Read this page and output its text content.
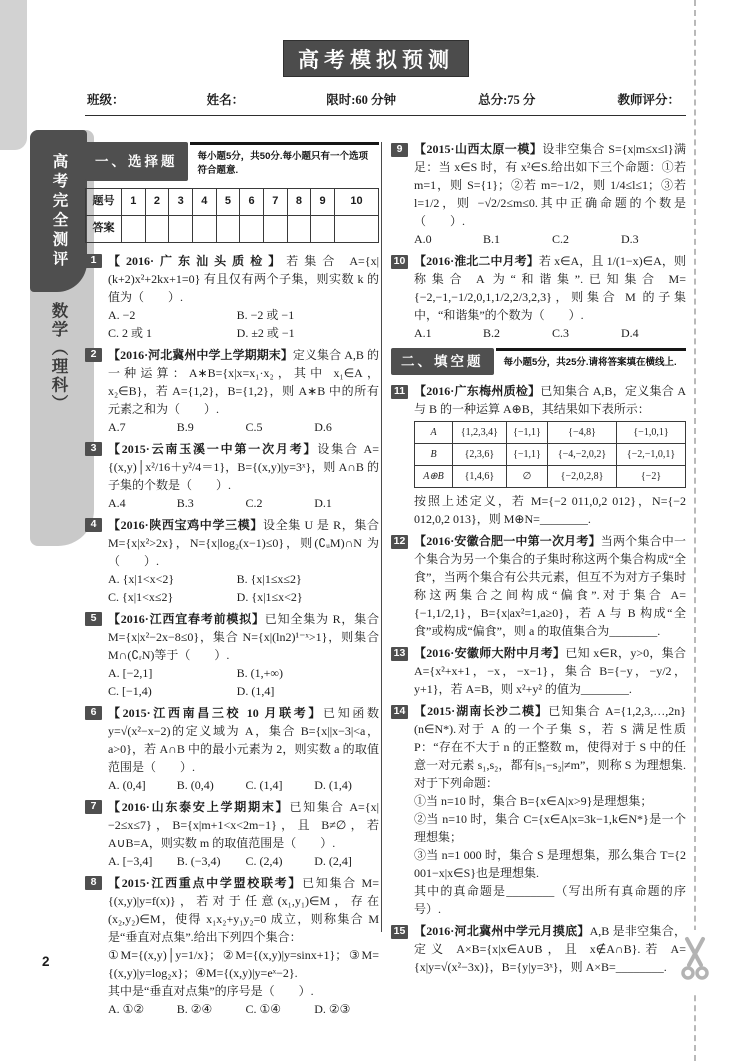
高考模拟预测
班级：	姓名：	限时:60 分钟	总分:75 分	教师评分：
高考完全测评
数学（理科）
一、选择题	每小题5分，共50分.每小题只有一个选项符合题意.
题号	1	2	3	4	5	6	7	8	9	10
答案										
1 【2016·广东汕头质检】若集合 A={x|(k+2)x²+2kx+1=0} 有且仅有两个子集，则实数 k 的值为（　　）.

A. −2	B. −2 或 −1
C. 2 或 1	D. ±2 或 −1
2 【2016·河北冀州中学上学期期末】定义集合 A,B 的一种运算：A∗B={x|x=x₁·x₂，其中 x₁∈A，x₂∈B}，若 A={1,2}，B={1,2}，则 A∗B 中的所有元素之和为（　　）.

A.7	B.9	C.5	D.6
3 【2015·云南玉溪一中第一次月考】设集合 A={(x,y)│x²/16＋y²/4＝1}，B={(x,y)|y=3ˣ}，则 A∩B 的子集的个数是（　　）.

A.4	B.3	C.2	D.1
4 【2016·陕西宝鸡中学三模】设全集 U 是 R，集合 M={x|x²>2x}，N={x|log₂(x−1)≤0}，则(∁ᵤM)∩N 为（　　）.

A. {x|1<x<2}	B. {x|1≤x≤2}
C. {x|1<x≤2}	D. {x|1≤x<2}
5 【2016·江西宜春考前模拟】已知全集为 R，集合 M={x|x²−2x−8≤0}，集合 N={x|(ln2)¹⁻ˣ>1}，则集合 M∩(∁ᵣN)等于（　　）.

A. [−2,1]	B. (1,+∞)
C. [−1,4)	D. (1,4]
6 【2015·江西南昌三校 10 月联考】已知函数 y=√(x²−x−2)的定义域为 A，集合 B={x||x−3|<a，a>0}，若 A∩B 中的最小元素为 2，则实数 a 的取值范围是（　　）.

A. (0,4]	B. (0,4)	C. (1,4]	D. (1,4)
7 【2016·山东泰安上学期期末】已知集合 A={x|−2≤x≤7}，B={x|m+1<x<2m−1}，且 B≠∅，若 A∪B=A，则实数 m 的取值范围是（　　）.

A. [−3,4]	B. (−3,4)	C. (2,4)	D. (2,4]
8 【2015·江西重点中学盟校联考】已知集合 M={(x,y)|y=f(x)}，若对于任意(x₁,y₁)∈M，存在(x₂,y₂)∈M，使得 x₁x₂+y₁y₂=0 成立，则称集合 M 是“垂直对点集”.给出下列四个集合：

①M={(x,y)│y=1/x}；②M={(x,y)|y=sinx+1}；③M={(x,y)|y=log₂x}；④M={(x,y)|y=eˣ−2}.

其中是“垂直对点集”的序号是（　　）.

A. ①②	B. ②④	C. ①④	D. ②③
9 【2015·山西太原一模】设非空集合 S={x|m≤x≤l}满足：当 x∈S 时，有 x²∈S.给出如下三个命题：①若 m=1，则 S={1}；②若 m=−1/2，则 1/4≤l≤1；③若 l=1/2，则 −√2/2≤m≤0.其中正确命题的个数是（　　）.

A.0	B.1	C.2	D.3
10 【2016·淮北二中月考】若 x∈A，且 1/(1−x)∈A，则称集合 A 为“和谐集”.已知集合 M={−2,−1,−1/2,0,1,1/2,2/3,2,3}，则集合 M 的子集中，“和谐集”的个数为（　　）.

A.1	B.2	C.3	D.4
二、填空题	每小题5分，共25分.请将答案填在横线上.
11 【2016·广东梅州质检】已知集合 A,B，定义集合 A 与 B 的一种运算 A⊕B，其结果如下表所示：

A	{1,2,3,4}	{−1,1}	{−4,8}	{−1,0,1}
B	{2,3,6}	{−1,1}	{−4,−2,0,2}	{−2,−1,0,1}
A⊕B	{1,4,6}	∅	{−2,0,2,8}	{−2}

按照上述定义，若 M={−2 011,0,2 012}，N={−2 012,0,2 013}，则 M⊕N=________.

12 【2016·安徽合肥一中第一次月考】当两个集合中一个集合为另一个集合的子集时称这两个集合构成“全食”，当两个集合有公共元素，但互不为对方子集时称这两集合之间构成“偏食”.对于集合 A={−1,1/2,1}，B={x|ax²=1,a≥0}，若 A 与 B 构成“全食”或构成“偏食”，则 a 的取值集合为________.

13 【2016·安徽师大附中月考】已知 x∈R，y>0，集合 A={x²+x+1，−x，−x−1}，集合 B={−y，−y/2，y+1}，若 A=B，则 x²+y² 的值为________.

14 【2015·湖南长沙二模】已知集合 A={1,2,3,…,2n}(n∈N*).对于 A 的一个子集 S，若 S 满足性质 P：“存在不大于 n 的正整数 m，使得对于 S 中的任意一对元素 s₁,s₂，都有|s₁−s₂|≠m”，则称 S 为理想集.对于下列命题：

①当 n=10 时，集合 B={x∈A|x>9}是理想集；

②当 n=10 时，集合 C={x∈A|x=3k−1,k∈N*}是一个理想集；

③当 n=1 000 时，集合 S 是理想集，那么集合 T={2 001−x|x∈S}也是理想集.

其中的真命题是________（写出所有真命题的序号）.

15 【2016·河北冀州中学元月摸底】A,B 是非空集合，定义 A×B={x|x∈A∪B，且 x∉A∩B}.若 A={x|y=√(x²−3x)}，B={y|y=3ˣ}，则 A×B=________.

2
